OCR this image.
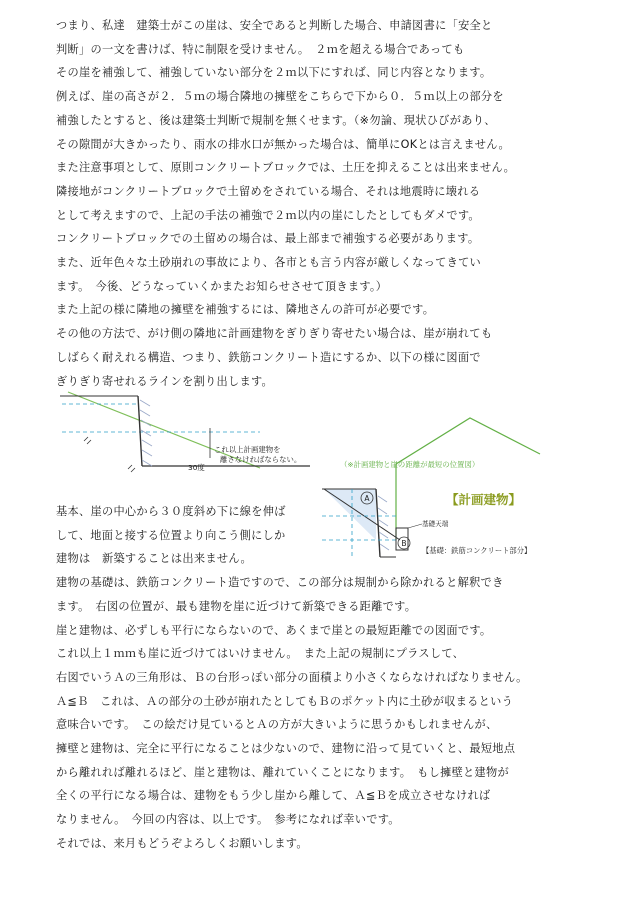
つまり、私達　建築士がこの崖は、安全であると判断した場合、申請図書に「安全と
判断」の一文を書けば、特に制限を受けません。　２ｍを超える場合であっても
その崖を補強して、補強していない部分を２ｍ以下にすれば、同じ内容となります。
例えば、崖の高さが２．５ｍの場合隣地の擁壁をこちらで下から０．５ｍ以上の部分を
補強したとすると、後は建築士判断で規制を無くせます。（※勿論、現状ひびがあり、
その隙間が大きかったり、雨水の排水口が無かった場合は、簡単にOKとは言えません。
また注意事項として、原則コンクリートブロックでは、土圧を抑えることは出来ません。
隣接地がコンクリートブロックで土留めをされている場合、それは地震時に壊れる
として考えますので、上記の手法の補強で２ｍ以内の崖にしたとしてもダメです。
コンクリートブロックでの土留めの場合は、最上部まで補強する必要があります。
また、近年色々な土砂崩れの事故により、各市とも言う内容が厳しくなってきてい
ます。　今後、どうなっていくかまたお知らせさせて頂きます。）
また上記の様に隣地の擁壁を補強するには、隣地さんの許可が必要です。
その他の方法で、がけ側の隣地に計画建物をぎりぎり寄せたい場合は、崖が崩れても
しばらく耐えれる構造、つまり、鉄筋コンクリート造にするか、以下の様に図面で
ぎりぎり寄せれるラインを割り出します。
これ以上計画建物を
離さなければならない。
30度	（※計画建物と崖の距離が最短の位置図）
【計画建物】
A
B
基礎天端
【基礎：鉄筋コンクリート部分】
基本、崖の中心から３０度斜め下に線を伸ば
して、地面と接する位置より向こう側にしか
建物は　新築することは出来ません。
建物の基礎は、鉄筋コンクリート造ですので、この部分は規制から除かれると解釈でき
ます。　右図の位置が、最も建物を崖に近づけて新築できる距離です。
崖と建物は、必ずしも平行にならないので、あくまで崖との最短距離での図面です。
これ以上１ｍｍも崖に近づけてはいけません。　また上記の規制にプラスして、
右図でいうＡの三角形は、Ｂの台形っぽい部分の面積より小さくならなければなりません。
Ａ≦Ｂ　これは、Ａの部分の土砂が崩れたとしてもＢのポケット内に土砂が収まるという
意味合いです。　この絵だけ見ているとＡの方が大きいように思うかもしれませんが、
擁壁と建物は、完全に平行になることは少ないので、建物に沿って見ていくと、最短地点
から離れれば離れるほど、崖と建物は、離れていくことになります。　もし擁壁と建物が
全くの平行になる場合は、建物をもう少し崖から離して、Ａ≦Ｂを成立させなければ
なりません。　今回の内容は、以上です。　参考になれば幸いです。
それでは、来月もどうぞよろしくお願いします。
